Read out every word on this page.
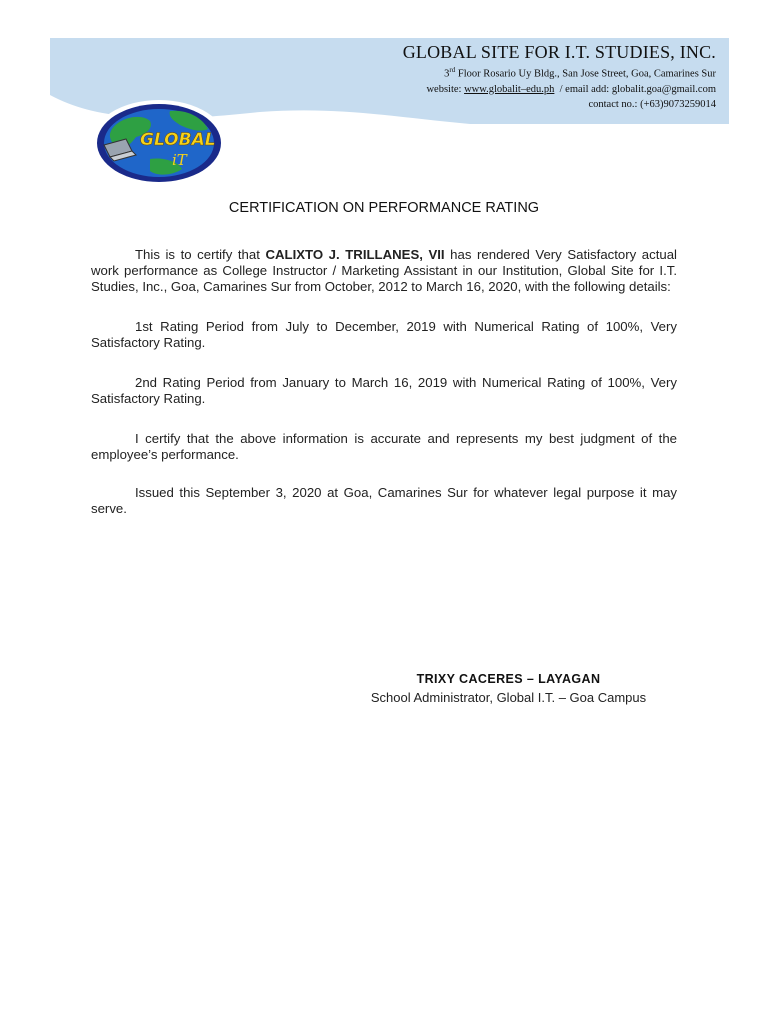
GLOBAL SITE FOR I.T. STUDIES, INC.
3rd Floor Rosario Uy Bldg., San Jose Street, Goa, Camarines Sur
website: www.globalit–edu.ph  / email add: globalit.goa@gmail.com
contact no.: (+63)9073259014
GLOBAL
iT
CERTIFICATION ON PERFORMANCE RATING

This is to certify that CALIXTO J. TRILLANES, VII has rendered Very Satisfactory actual work performance as College Instructor / Marketing Assistant in our Institution, Global Site for I.T. Studies, Inc., Goa, Camarines Sur from October, 2012 to March 16, 2020, with the following details:

1st Rating Period from July to December, 2019 with Numerical Rating of 100%, Very Satisfactory Rating.

2nd Rating Period from January to March 16, 2019 with Numerical Rating of 100%, Very Satisfactory Rating.

I certify that the above information is accurate and represents my best judgment of the employee’s performance.

Issued this September 3, 2020 at Goa, Camarines Sur for whatever legal purpose it may serve.

TRIXY CACERES – LAYAGAN
School Administrator, Global I.T. – Goa Campus
